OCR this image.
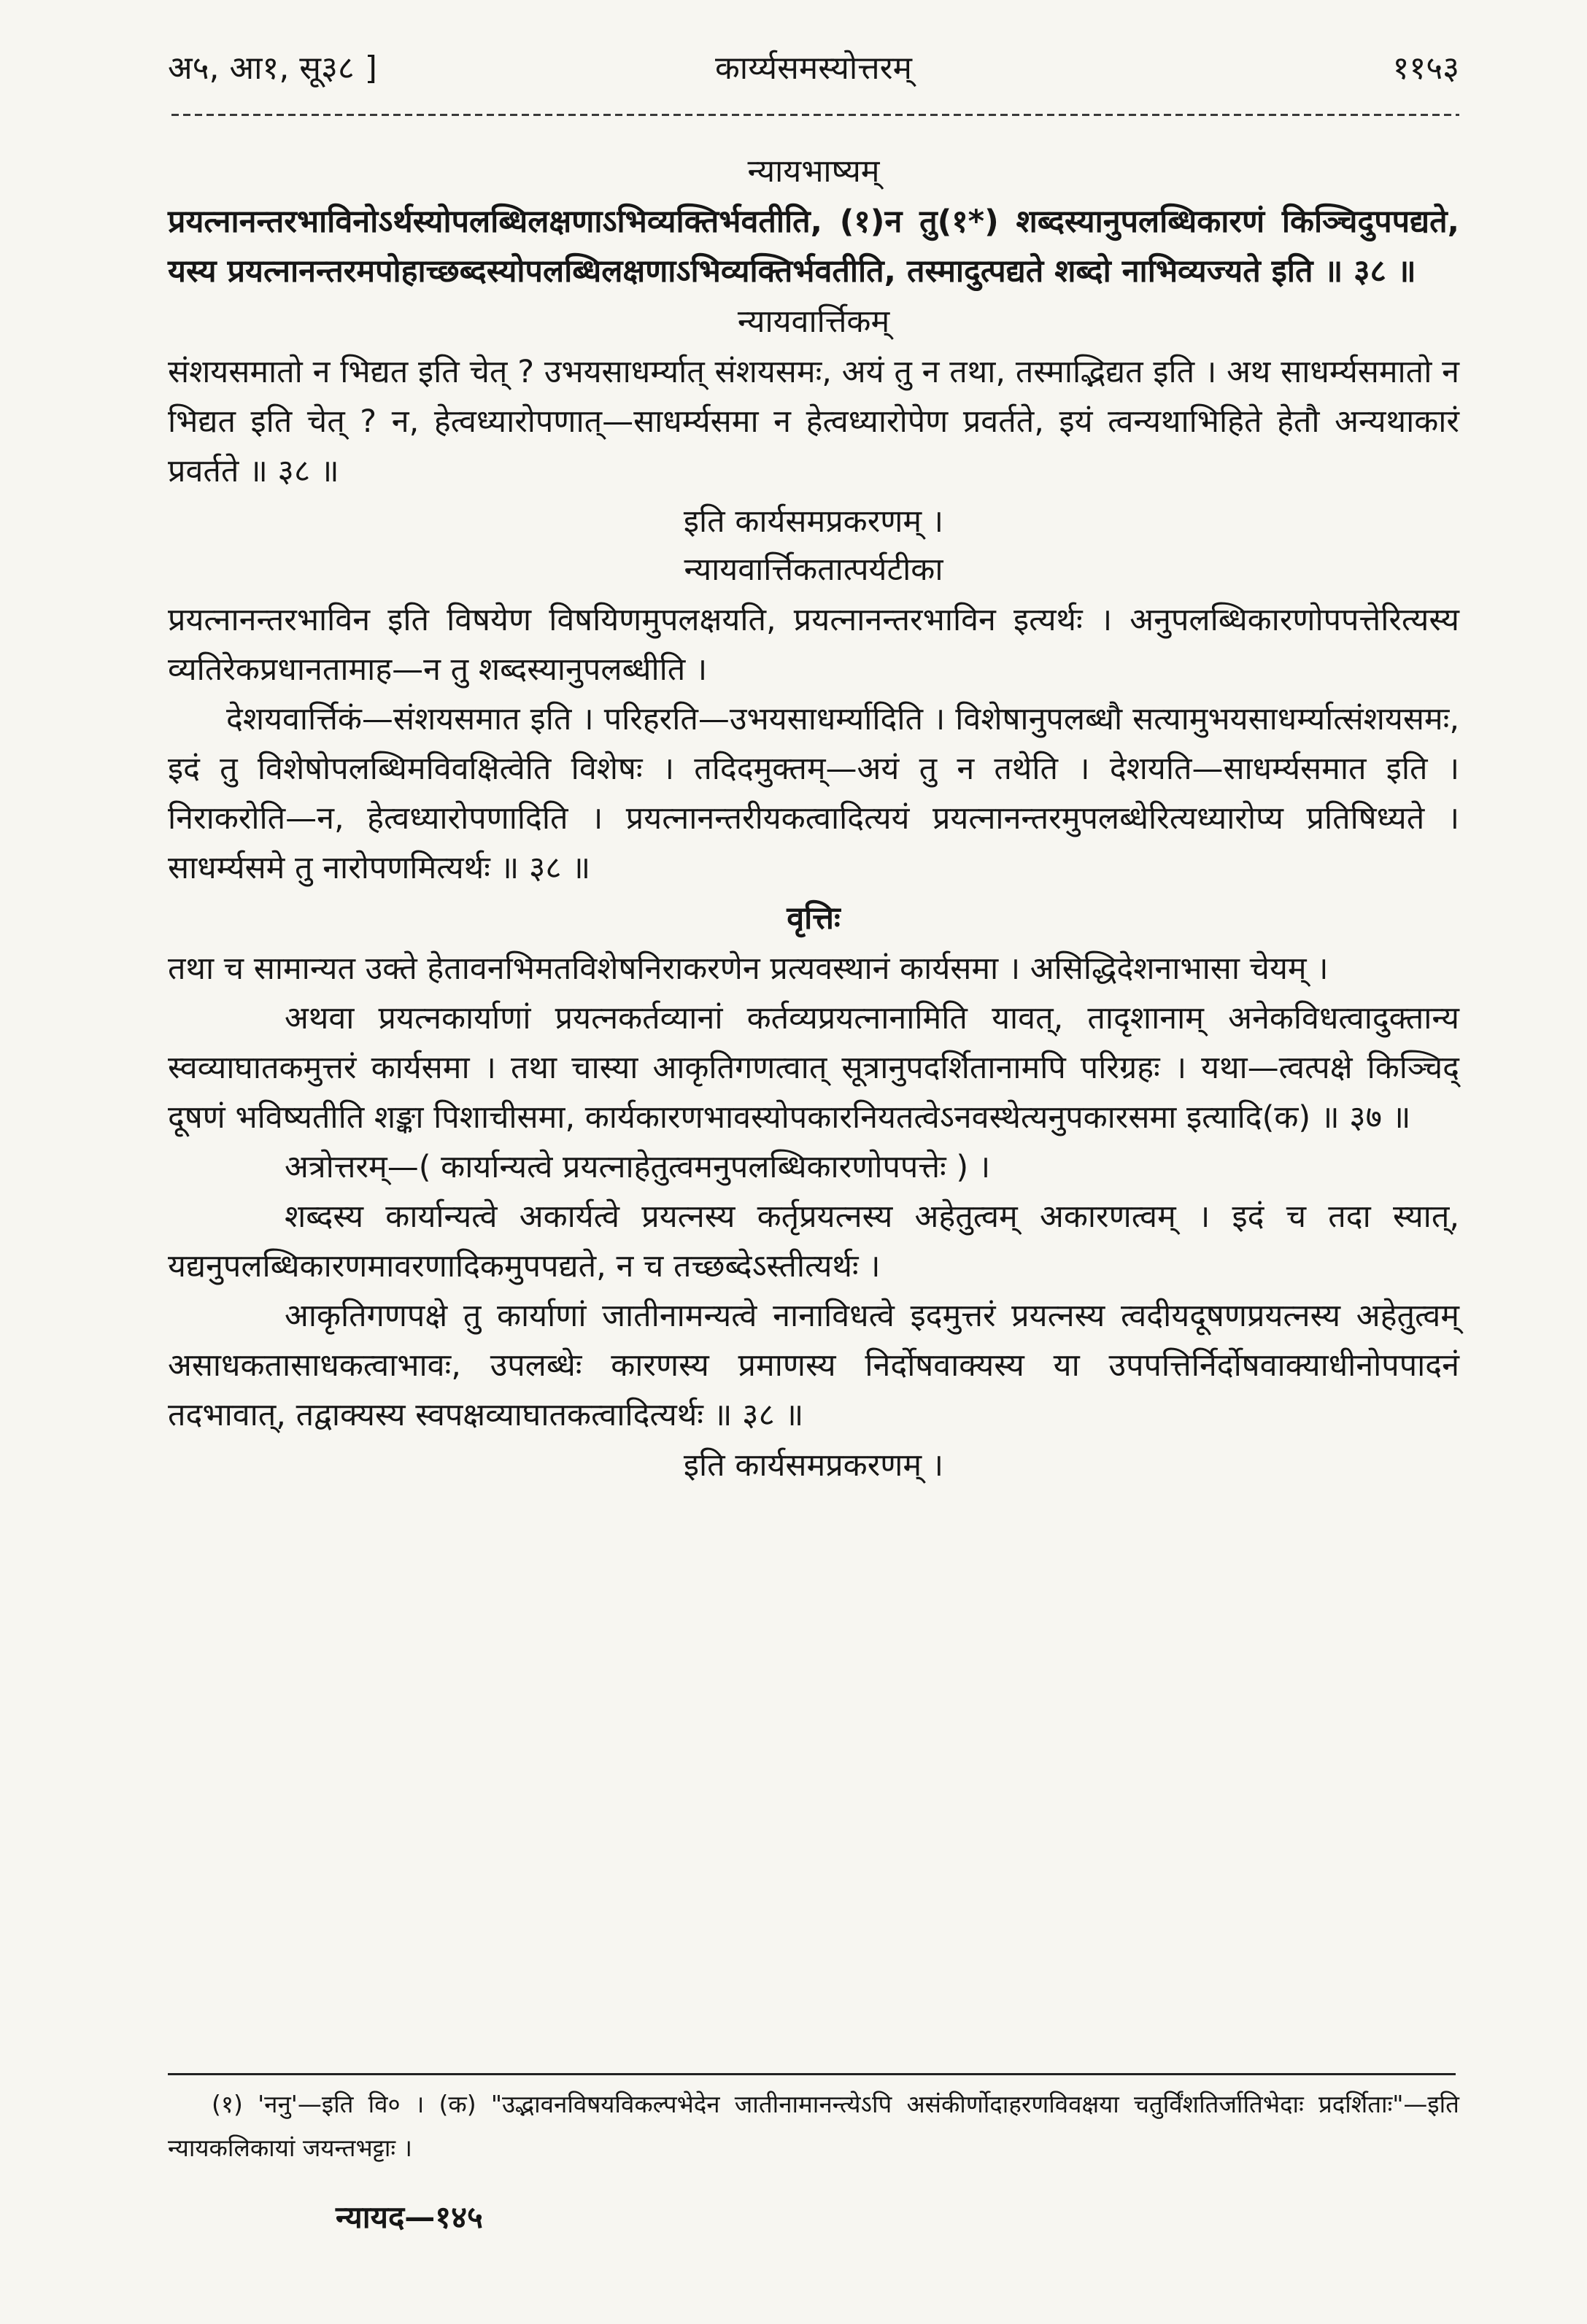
अ५, आ१, सू३८ ]	कार्य्यसमस्योत्तरम्	११५३
न्यायभाष्यम्

प्रयत्नानन्तरभाविनोऽर्थस्योपलब्धिलक्षणाऽभिव्यक्तिर्भवतीति, (१)न तु(१*) शब्दस्यानुपलब्धिकारणं किञ्चिदुपपद्यते, यस्य प्रयत्नानन्तरमपोहाच्छब्दस्योपलब्धिलक्षणाऽभिव्यक्तिर्भवतीति, तस्मादुत्पद्यते शब्दो नाभिव्यज्यते इति ॥ ३८ ॥

न्यायवार्त्तिकम्

संशयसमातो न भिद्यत इति चेत् ? उभयसाधर्म्यात् संशयसमः, अयं तु न तथा, तस्माद्भिद्यत इति । अथ साधर्म्यसमातो न भिद्यत इति चेत् ? न, हेत्वध्यारोपणात्—साधर्म्यसमा न हेत्वध्यारोपेण प्रवर्तते, इयं त्वन्यथाभिहिते हेतौ अन्यथाकारं प्रवर्तते ॥ ३८ ॥

इति कार्यसमप्रकरणम् ।
न्यायवार्त्तिकतात्पर्यटीका

प्रयत्नानन्तरभाविन इति विषयेण विषयिणमुपलक्षयति, प्रयत्नानन्तरभाविन इत्यर्थः । अनुपलब्धिकारणोपपत्तेरित्यस्य व्यतिरेकप्रधानतामाह—न तु शब्दस्यानुपलब्धीति ।

देशयवार्त्तिकं—संशयसमात इति । परिहरति—उभयसाधर्म्यादिति । विशेषानुपलब्धौ सत्यामुभयसाधर्म्यात्संशयसमः, इदं तु विशेषोपलब्धिमविवक्षित्वेति विशेषः । तदिदमुक्तम्—अयं तु न तथेति । देशयति—साधर्म्यसमात इति । निराकरोति—न, हेत्वध्यारोपणादिति । प्रयत्नानन्तरीयकत्वादित्ययं प्रयत्नानन्तरमुपलब्धेरित्यध्यारोप्य प्रतिषिध्यते । साधर्म्यसमे तु नारोपणमित्यर्थः ॥ ३८ ॥

वृत्तिः

तथा च सामान्यत उक्ते हेतावनभिमतविशेषनिराकरणेन प्रत्यवस्थानं कार्यसमा । असिद्धिदेशनाभासा चेयम् ।

अथवा प्रयत्नकार्याणां प्रयत्नकर्तव्यानां कर्तव्यप्रयत्नानामिति यावत्, तादृशानाम् अनेकविधत्वादुक्तान्य स्वव्याघातकमुत्तरं कार्यसमा । तथा चास्या आकृतिगणत्वात् सूत्रानुपदर्शितानामपि परिग्रहः । यथा—त्वत्पक्षे किञ्चिद् दूषणं भविष्यतीति शङ्का पिशाचीसमा, कार्यकारणभावस्योपकारनियतत्वेऽनवस्थेत्यनुपकारसमा इत्यादि(क) ॥ ३७ ॥

अत्रोत्तरम्—( कार्यान्यत्वे प्रयत्नाहेतुत्वमनुपलब्धिकारणोपपत्तेः ) ।

शब्दस्य कार्यान्यत्वे अकार्यत्वे प्रयत्नस्य कर्तृप्रयत्नस्य अहेतुत्वम् अकारणत्वम् । इदं च तदा स्यात्, यद्यनुपलब्धिकारणमावरणादिकमुपपद्यते, न च तच्छब्देऽस्तीत्यर्थः ।

आकृतिगणपक्षे तु कार्याणां जातीनामन्यत्वे नानाविधत्वे इदमुत्तरं प्रयत्नस्य त्वदीयदूषणप्रयत्नस्य अहेतुत्वम् असाधकतासाधकत्वाभावः, उपलब्धेः कारणस्य प्रमाणस्य निर्दोषवाक्यस्य या उपपत्तिर्निर्दोषवाक्याधीनोपपादनं तदभावात्, तद्वाक्यस्य स्वपक्षव्याघातकत्वादित्यर्थः ॥ ३८ ॥

इति कार्यसमप्रकरणम् ।

(१) 'ननु'—इति वि० । (क) "उद्भावनविषयविकल्पभेदेन जातीनामानन्त्येऽपि असंकीर्णोदाहरणविवक्षया चतुर्विंशतिर्जातिभेदाः प्रदर्शिताः"—इति न्यायकलिकायां जयन्तभट्टाः ।

न्यायद—१४५
